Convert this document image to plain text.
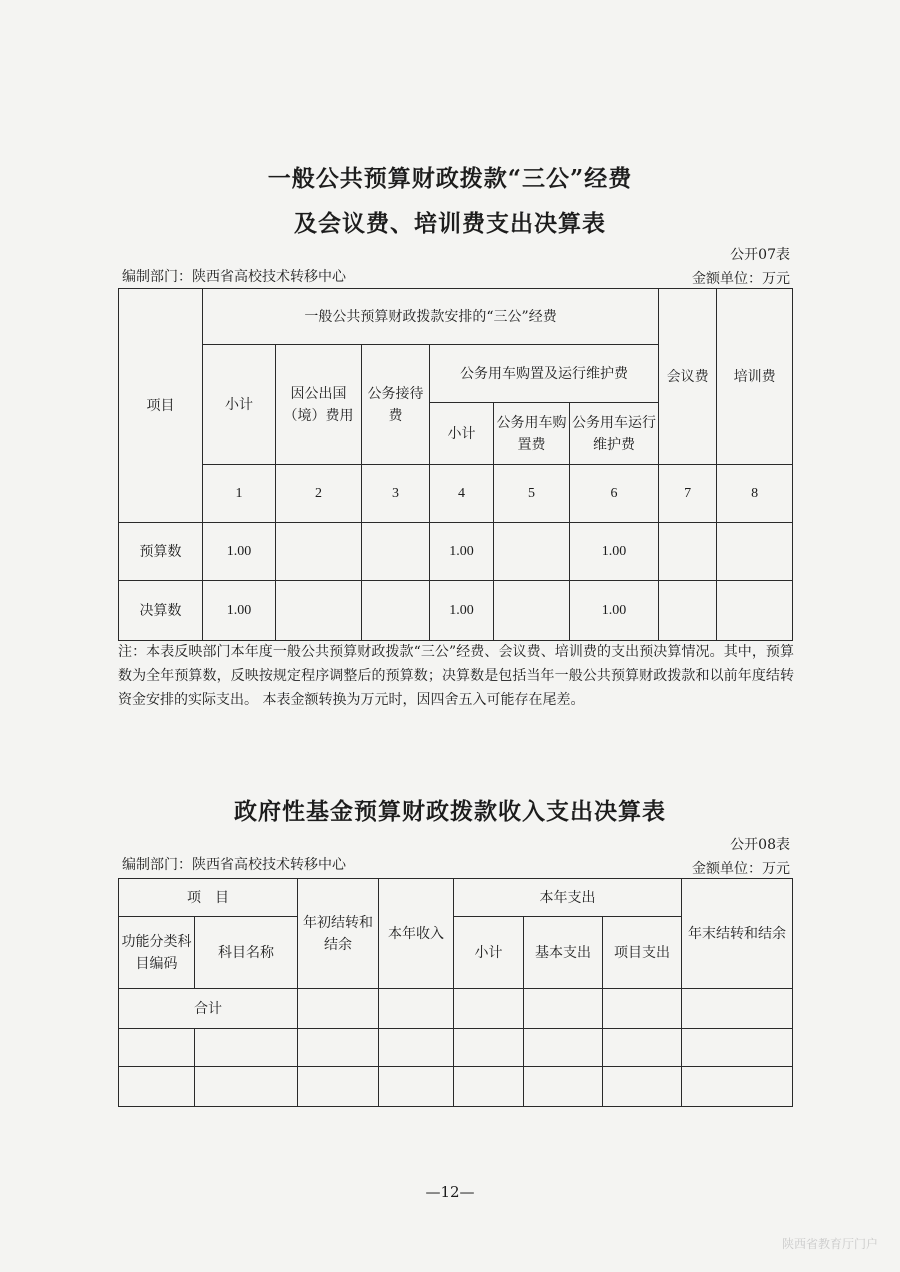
一般公共预算财政拨款“三公”经费
及会议费、培训费支出决算表
公开07表
编制部门：陕西省高校技术转移中心	金额单位：万元
项目	一般公共预算财政拨款安排的“三公”经费						会议费	培训费
	小计	因公出国（境）费用	公务接待费	公务用车购置及运行维护费				
				小计	公务用车购置费	公务用车运行维护费		
	1	2	3	4	5	6	7	8
预算数	1.00			1.00		1.00		
决算数	1.00			1.00		1.00		
注：本表反映部门本年度一般公共预算财政拨款“三公”经费、会议费、培训费的支出预决算情况。其中，预算数为全年预算数，反映按规定程序调整后的预算数；决算数是包括当年一般公共预算财政拨款和以前年度结转资金安排的实际支出。 本表金额转换为万元时，因四舍五入可能存在尾差。
政府性基金预算财政拨款收入支出决算表
公开08表
编制部门：陕西省高校技术转移中心	金额单位：万元
项　目		年初结转和结余	本年收入	本年支出			年末结转和结余
功能分类科目编码	科目名称			小计	基本支出	项目支出	
合计							

—12—
陕西省教育厅门户
